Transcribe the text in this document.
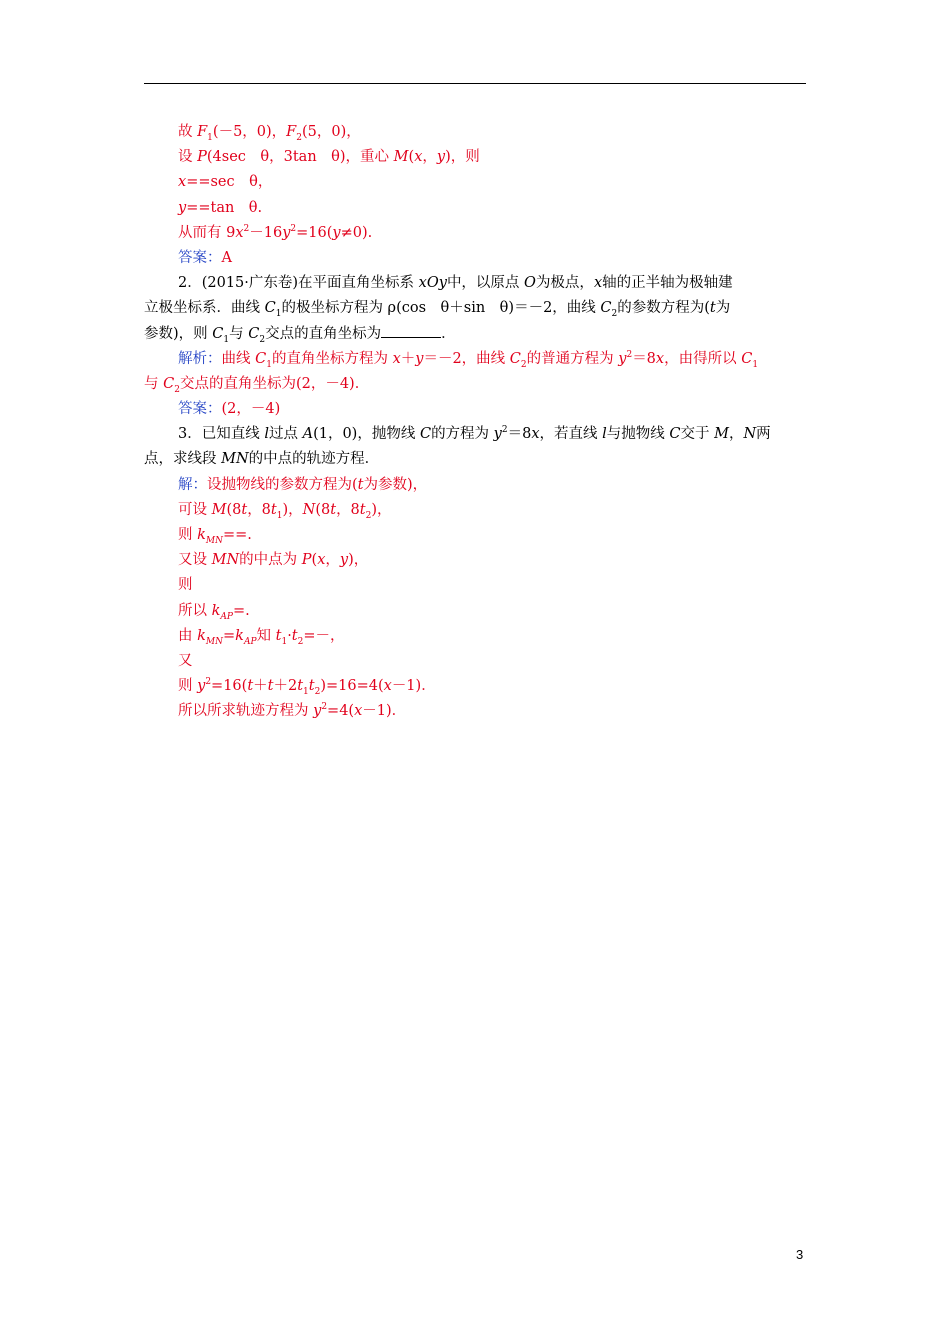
故 $F_1(-5$，0)，$F_2(5$，0)，
设 P(4sec　θ，3tan　θ)，重心 M(x，y)，则
x==sec　θ，
y==tan　θ.
从而有 $9x^2-16y^2=16(y\ne 0)$.
答案：A
2．(2015·广东卷)在平面直角坐标系 xOy中，以原点 O为极点，x轴的正半轴为极轴建
立极坐标系．曲线 $C_1$的极坐标方程为 ρ(cos　θ＋sin　θ)＝－2，曲线 $C_2$的参数方程为(t为
参数)，则 $C_1$与 $C_2$交点的直角坐标为	．
解析：曲线 $C_1$的直角坐标方程为 x＋y＝－2，曲线 $C_2$的普通方程为 $y^2=8x$，由得所以 $C_1$
与 $C_2$交点的直角坐标为(2，－4)．
答案：(2，－4)
3．已知直线 l过点 A(1，0)，抛物线 C的方程为 $y^2=8x$，若直线 l与抛物线 C交于 M，N两
点，求线段 MN的中点的轨迹方程．
解：设抛物线的参数方程为(t为参数)，
可设 M(8t，$8t_1$)，N(8t，$8t_2$)，
则 $k_{MN}==$.
又设 MN的中点为 P(x，y)，
则
所以 $k_{AP}=$.
由 $k_{MN}=k_{AP}$知 $t_1\cdot t_2=-$，
又
则 $y^2=16(t+t+2t_1t_2)=16=4(x-1)$．
所以所求轨迹方程为 $y^2=4(x-1)$．
3
